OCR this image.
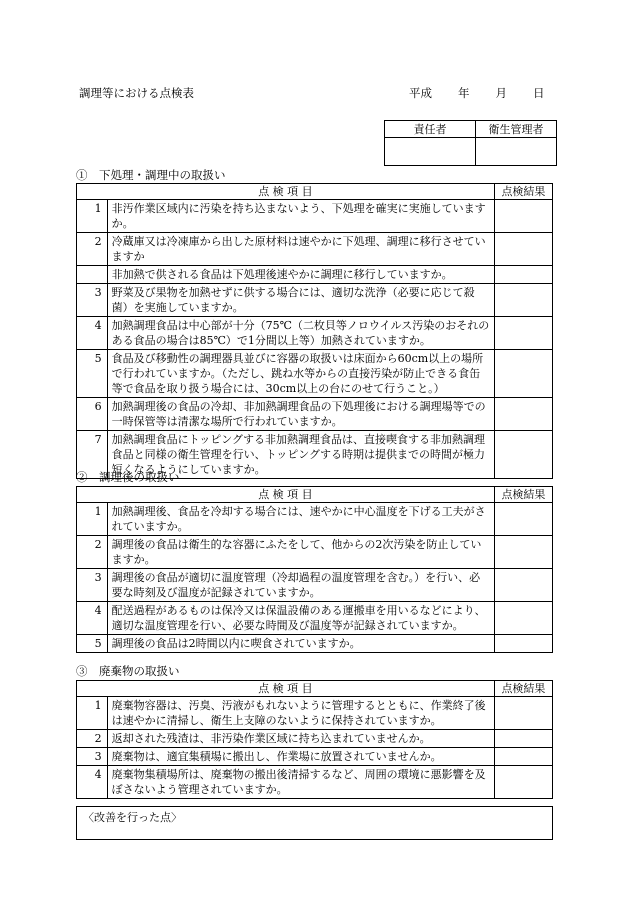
調理等における点検表	平成 年 月 日
責任者	衛生管理者

①　下処理・調理中の取扱い
点 検 項 目		点検結果
1	非汚作業区域内に汚染を持ち込まないよう、下処理を確実に実施していますか。	
2	冷蔵庫又は冷凍庫から出した原材料は速やかに下処理、調理に移行させていますか	
	非加熱で供される食品は下処理後速やかに調理に移行していますか。	
3	野菜及び果物を加熱せずに供する場合には、適切な洗浄（必要に応じて殺菌）を実施していますか。	
4	加熱調理食品は中心部が十分（75℃（二枚貝等ノロウイルス汚染のおそれのある食品の場合は85℃）で1分間以上等）加熱されていますか。	
5	食品及び移動性の調理器具並びに容器の取扱いは床面から60cm以上の場所で行われていますか。（ただし、跳ね水等からの直接汚染が防止できる食缶等で食品を取り扱う場合には、30cm以上の台にのせて行うこと。）	
6	加熱調理後の食品の冷却、非加熱調理食品の下処理後における調理場等での一時保管等は清潔な場所で行われていますか。	
7	加熱調理食品にトッピングする非加熱調理食品は、直接喫食する非加熱調理食品と同様の衛生管理を行い、トッピングする時期は提供までの時間が極力短くなるようにしていますか。	
②　調理後の取扱い
点 検 項 目		点検結果
1	加熱調理後、食品を冷却する場合には、速やかに中心温度を下げる工夫がされていますか。	
2	調理後の食品は衛生的な容器にふたをして、他からの2次汚染を防止していますか。	
3	調理後の食品が適切に温度管理（冷却過程の温度管理を含む。）を行い、必要な時刻及び温度が記録されていますか。	
4	配送過程があるものは保冷又は保温設備のある運搬車を用いるなどにより、適切な温度管理を行い、必要な時間及び温度等が記録されていますか。	
5	調理後の食品は2時間以内に喫食されていますか。	
③　廃棄物の取扱い
点 検 項 目		点検結果
1	廃棄物容器は、汚臭、汚液がもれないように管理するとともに、作業終了後は速やかに清掃し、衛生上支障のないように保持されていますか。	
2	返却された残渣は、非汚染作業区域に持ち込まれていませんか。	
3	廃棄物は、適宜集積場に搬出し、作業場に放置されていませんか。	
4	廃棄物集積場所は、廃棄物の搬出後清掃するなど、周囲の環境に悪影響を及ぼさないよう管理されていますか。	
〈改善を行った点〉
